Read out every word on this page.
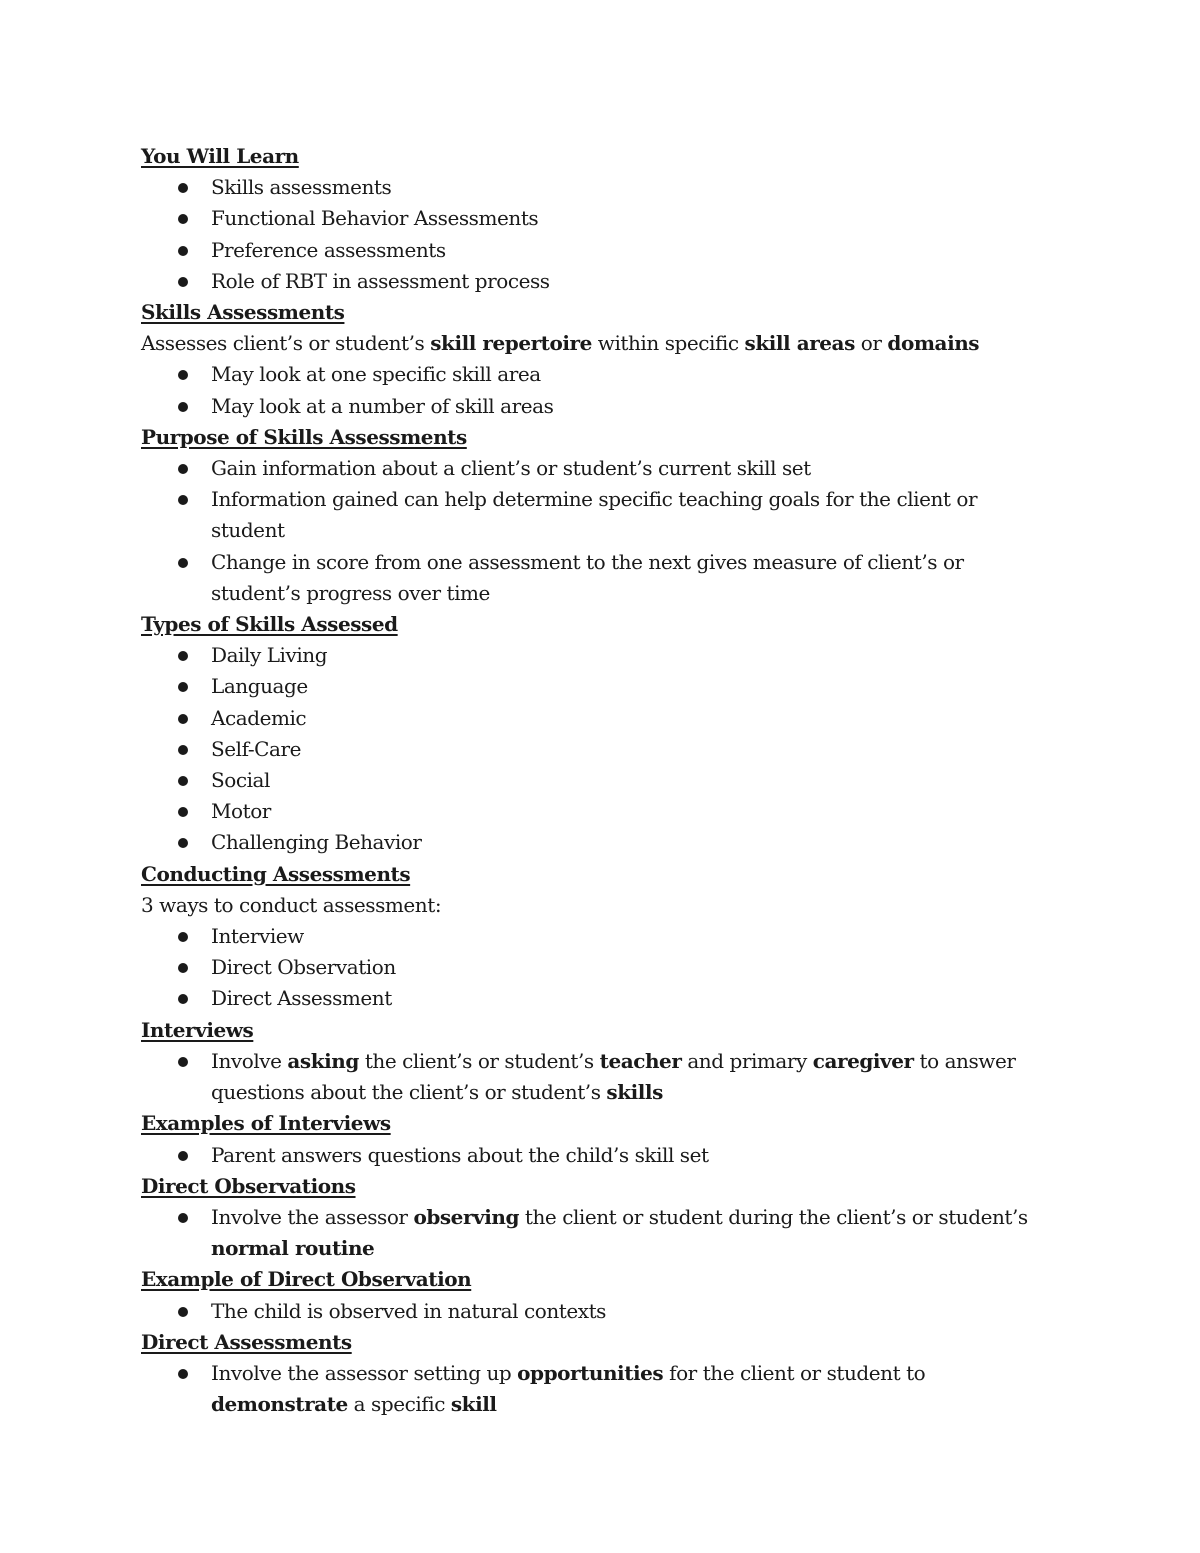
You Will Learn
Skills assessments
Functional Behavior Assessments
Preference assessments
Role of RBT in assessment process
Skills Assessments
Assesses client’s or student’s skill repertoire within specific skill areas or domains
May look at one specific skill area
May look at a number of skill areas
Purpose of Skills Assessments
Gain information about a client’s or student’s current skill set
Information gained can help determine specific teaching goals for the client or student
Change in score from one assessment to the next gives measure of client’s or student’s progress over time
Types of Skills Assessed
Daily Living
Language
Academic
Self-Care
Social
Motor
Challenging Behavior
Conducting Assessments
3 ways to conduct assessment:
Interview
Direct Observation
Direct Assessment
Interviews
Involve asking the client’s or student’s teacher and primary caregiver to answer questions about the client’s or student’s skills
Examples of Interviews
Parent answers questions about the child’s skill set
Direct Observations
Involve the assessor observing the client or student during the client’s or student’s normal routine
Example of Direct Observation
The child is observed in natural contexts
Direct Assessments
Involve the assessor setting up opportunities for the client or student to demonstrate a specific skill
